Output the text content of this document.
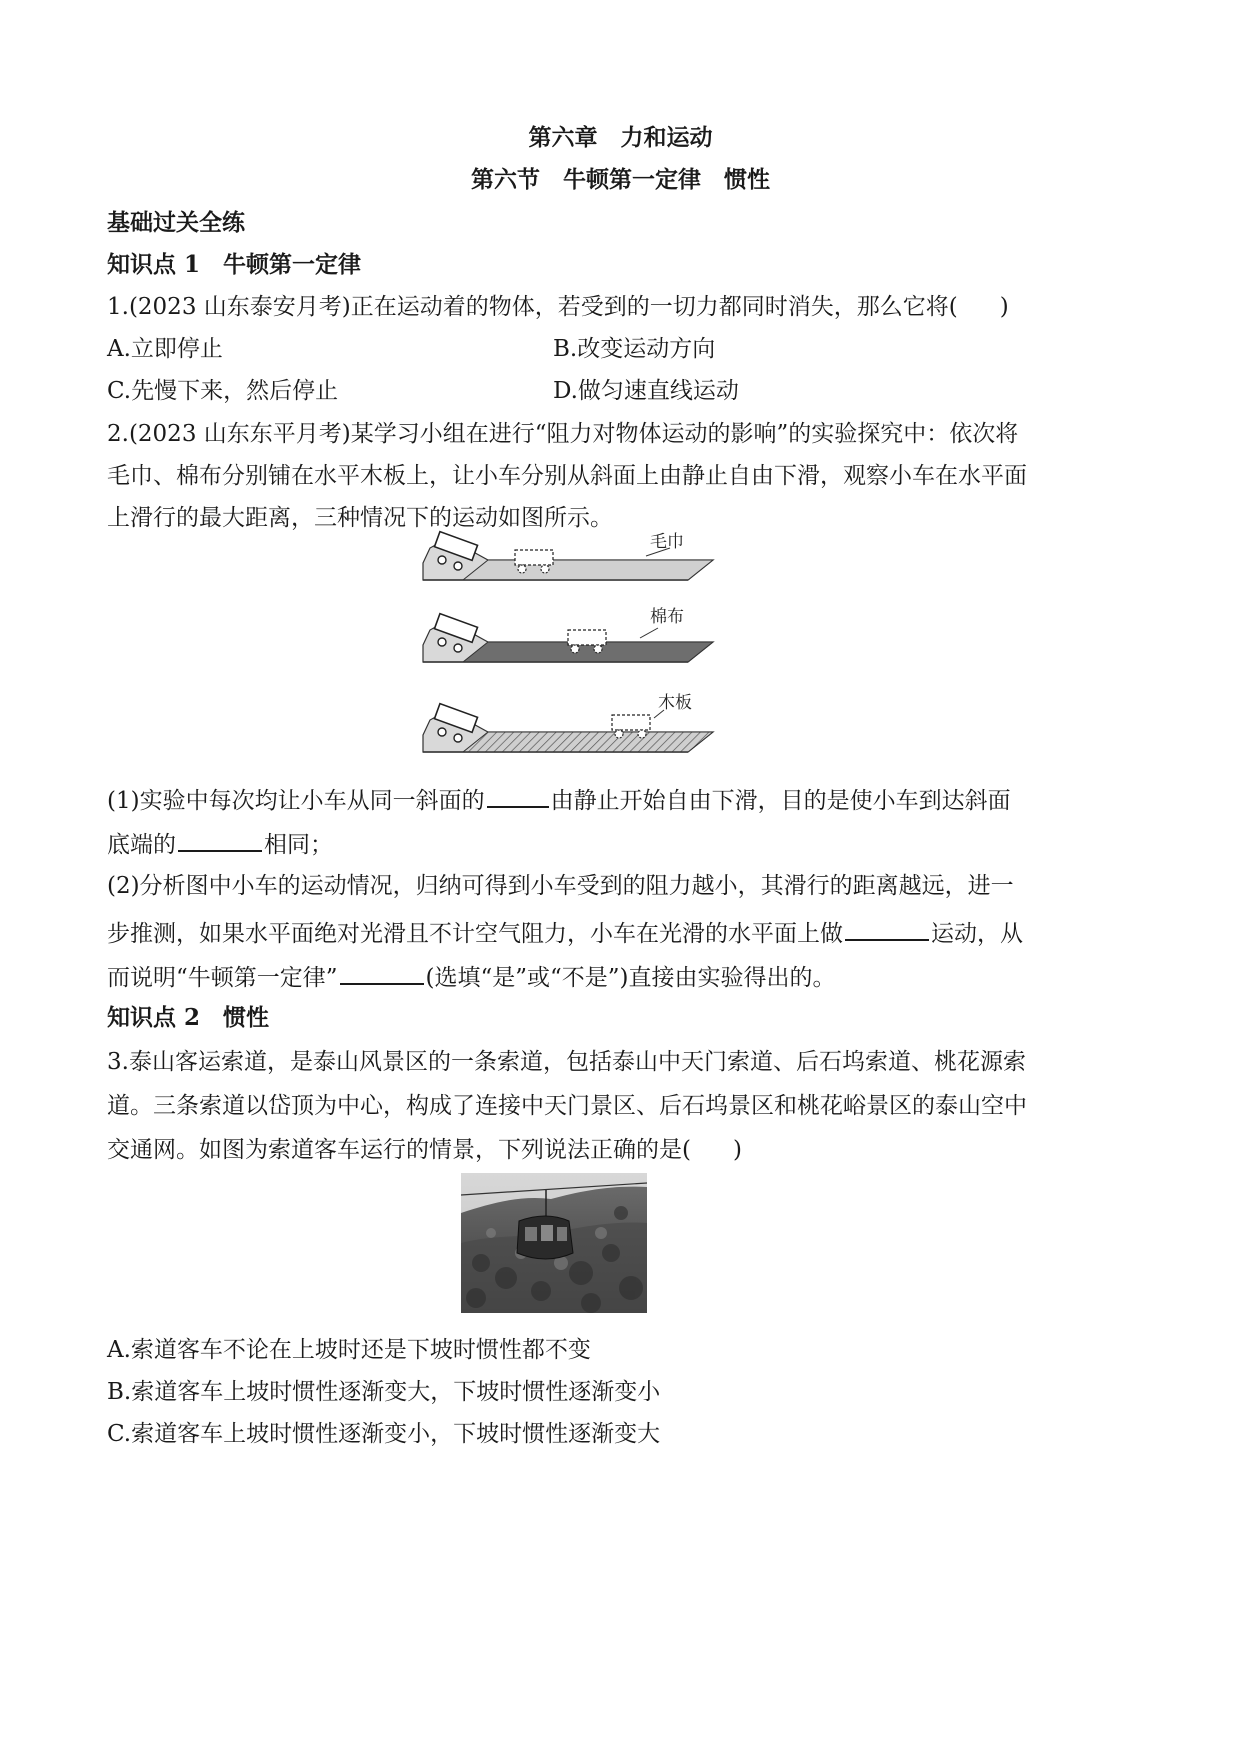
第六章　力和运动
第六节　牛顿第一定律　惯性
基础过关全练
知识点 1　牛顿第一定律
1.(2023 山东泰安月考)正在运动着的物体，若受到的一切力都同时消失，那么它将( )
A.立即停止	B.改变运动方向
C.先慢下来，然后停止	D.做匀速直线运动
2.(2023 山东东平月考)某学习小组在进行“阻力对物体运动的影响”的实验探究中：依次将
毛巾、棉布分别铺在水平木板上，让小车分别从斜面上由静止自由下滑，观察小车在水平面
上滑行的最大距离，三种情况下的运动如图所示。
毛巾
棉布
木板
(1)实验中每次均让小车从同一斜面的	由静止开始自由下滑，目的是使小车到达斜面
底端的	相同；
(2)分析图中小车的运动情况，归纳可得到小车受到的阻力越小，其滑行的距离越远，进一
步推测，如果水平面绝对光滑且不计空气阻力，小车在光滑的水平面上做	运动，从
而说明“牛顿第一定律”	(选填“是”或“不是”)直接由实验得出的。
知识点 2　惯性
3.泰山客运索道，是泰山风景区的一条索道，包括泰山中天门索道、后石坞索道、桃花源索
道。三条索道以岱顶为中心，构成了连接中天门景区、后石坞景区和桃花峪景区的泰山空中
交通网。如图为索道客车运行的情景，下列说法正确的是( )
A.索道客车不论在上坡时还是下坡时惯性都不变
B.索道客车上坡时惯性逐渐变大，下坡时惯性逐渐变小
C.索道客车上坡时惯性逐渐变小，下坡时惯性逐渐变大
